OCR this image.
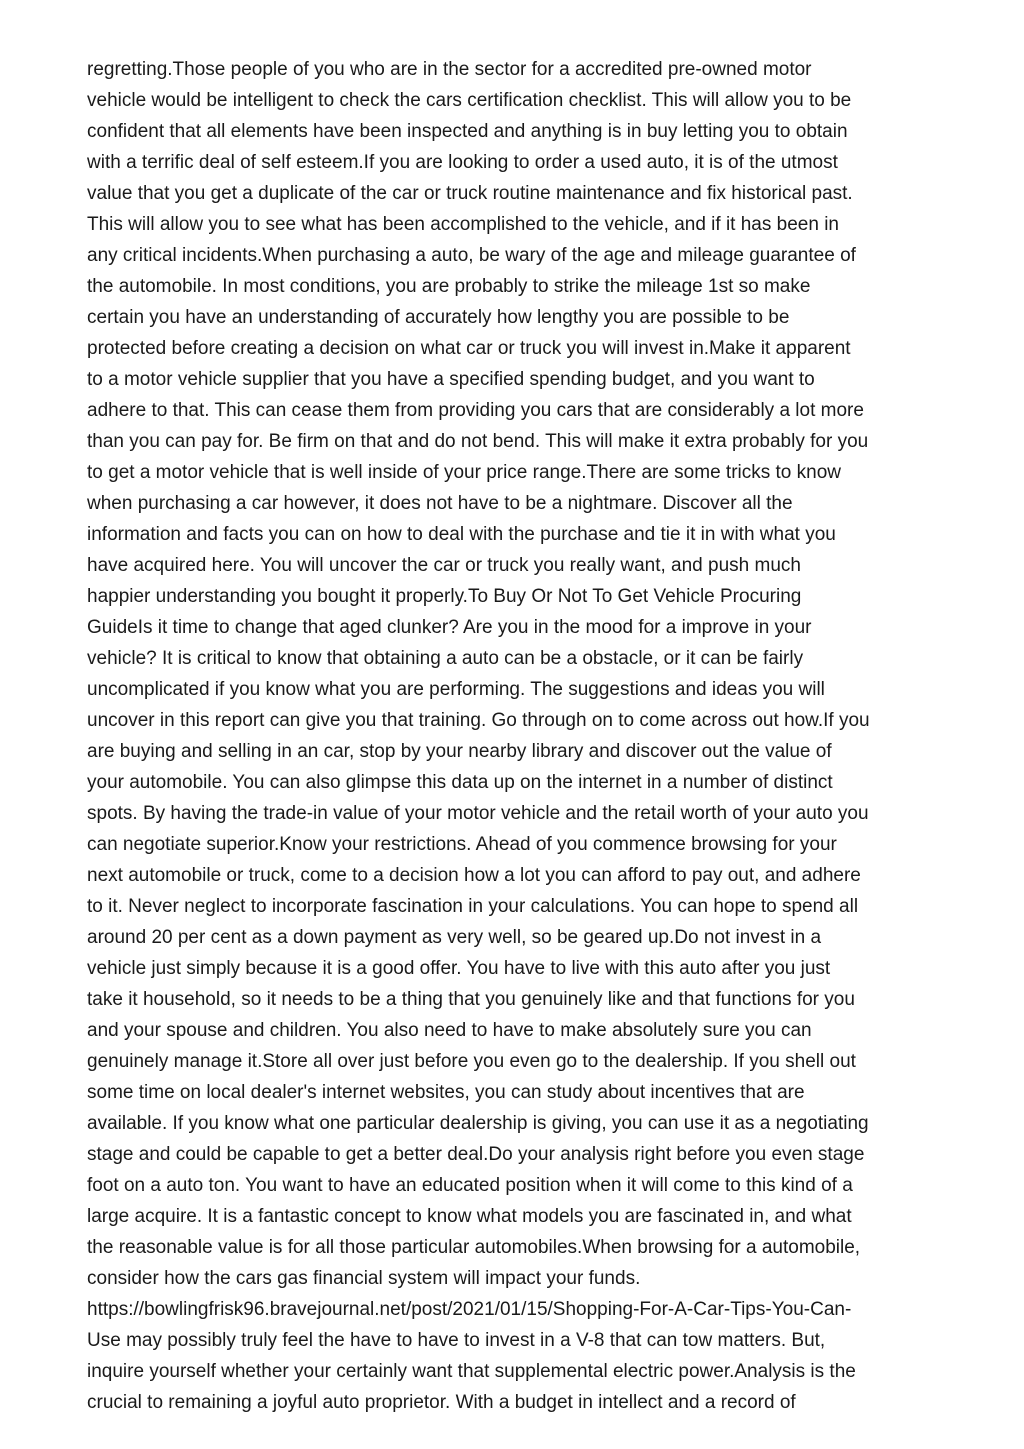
regretting.Those people of you who are in the sector for a accredited pre-owned motor
vehicle would be intelligent to check the cars certification checklist. This will allow you to be
confident that all elements have been inspected and anything is in buy letting you to obtain
with a terrific deal of self esteem.If you are looking to order a used auto, it is of the utmost
value that you get a duplicate of the car or truck routine maintenance and fix historical past.
This will allow you to see what has been accomplished to the vehicle, and if it has been in
any critical incidents.When purchasing a auto, be wary of the age and mileage guarantee of
the automobile. In most conditions, you are probably to strike the mileage 1st so make
certain you have an understanding of accurately how lengthy you are possible to be
protected before creating a decision on what car or truck you will invest in.Make it apparent
to a motor vehicle supplier that you have a specified spending budget, and you want to
adhere to that. This can cease them from providing you cars that are considerably a lot more
than you can pay for. Be firm on that and do not bend. This will make it extra probably for you
to get a motor vehicle that is well inside of your price range.There are some tricks to know
when purchasing a car however, it does not have to be a nightmare. Discover all the
information and facts you can on how to deal with the purchase and tie it in with what you
have acquired here. You will uncover the car or truck you really want, and push much
happier understanding you bought it properly.To Buy Or Not To Get Vehicle Procuring
GuideIs it time to change that aged clunker? Are you in the mood for a improve in your
vehicle? It is critical to know that obtaining a auto can be a obstacle, or it can be fairly
uncomplicated if you know what you are performing. The suggestions and ideas you will
uncover in this report can give you that training. Go through on to come across out how.If you
are buying and selling in an car, stop by your nearby library and discover out the value of
your automobile. You can also glimpse this data up on the internet in a number of distinct
spots. By having the trade-in value of your motor vehicle and the retail worth of your auto you
can negotiate superior.Know your restrictions. Ahead of you commence browsing for your
next automobile or truck, come to a decision how a lot you can afford to pay out, and adhere
to it. Never neglect to incorporate fascination in your calculations. You can hope to spend all
around 20 per cent as a down payment as very well, so be geared up.Do not invest in a
vehicle just simply because it is a good offer. You have to live with this auto after you just
take it household, so it needs to be a thing that you genuinely like and that functions for you
and your spouse and children. You also need to have to make absolutely sure you can
genuinely manage it.Store all over just before you even go to the dealership. If you shell out
some time on local dealer's internet websites, you can study about incentives that are
available. If you know what one particular dealership is giving, you can use it as a negotiating
stage and could be capable to get a better deal.Do your analysis right before you even stage
foot on a auto ton. You want to have an educated position when it will come to this kind of a
large acquire. It is a fantastic concept to know what models you are fascinated in, and what
the reasonable value is for all those particular automobiles.When browsing for a automobile,
consider how the cars gas financial system will impact your funds.
https://bowlingfrisk96.bravejournal.net/post/2021/01/15/Shopping-For-A-Car-Tips-You-Can-
Use may possibly truly feel the have to have to invest in a V-8 that can tow matters. But,
inquire yourself whether your certainly want that supplemental electric power.Analysis is the
crucial to remaining a joyful auto proprietor. With a budget in intellect and a record of
